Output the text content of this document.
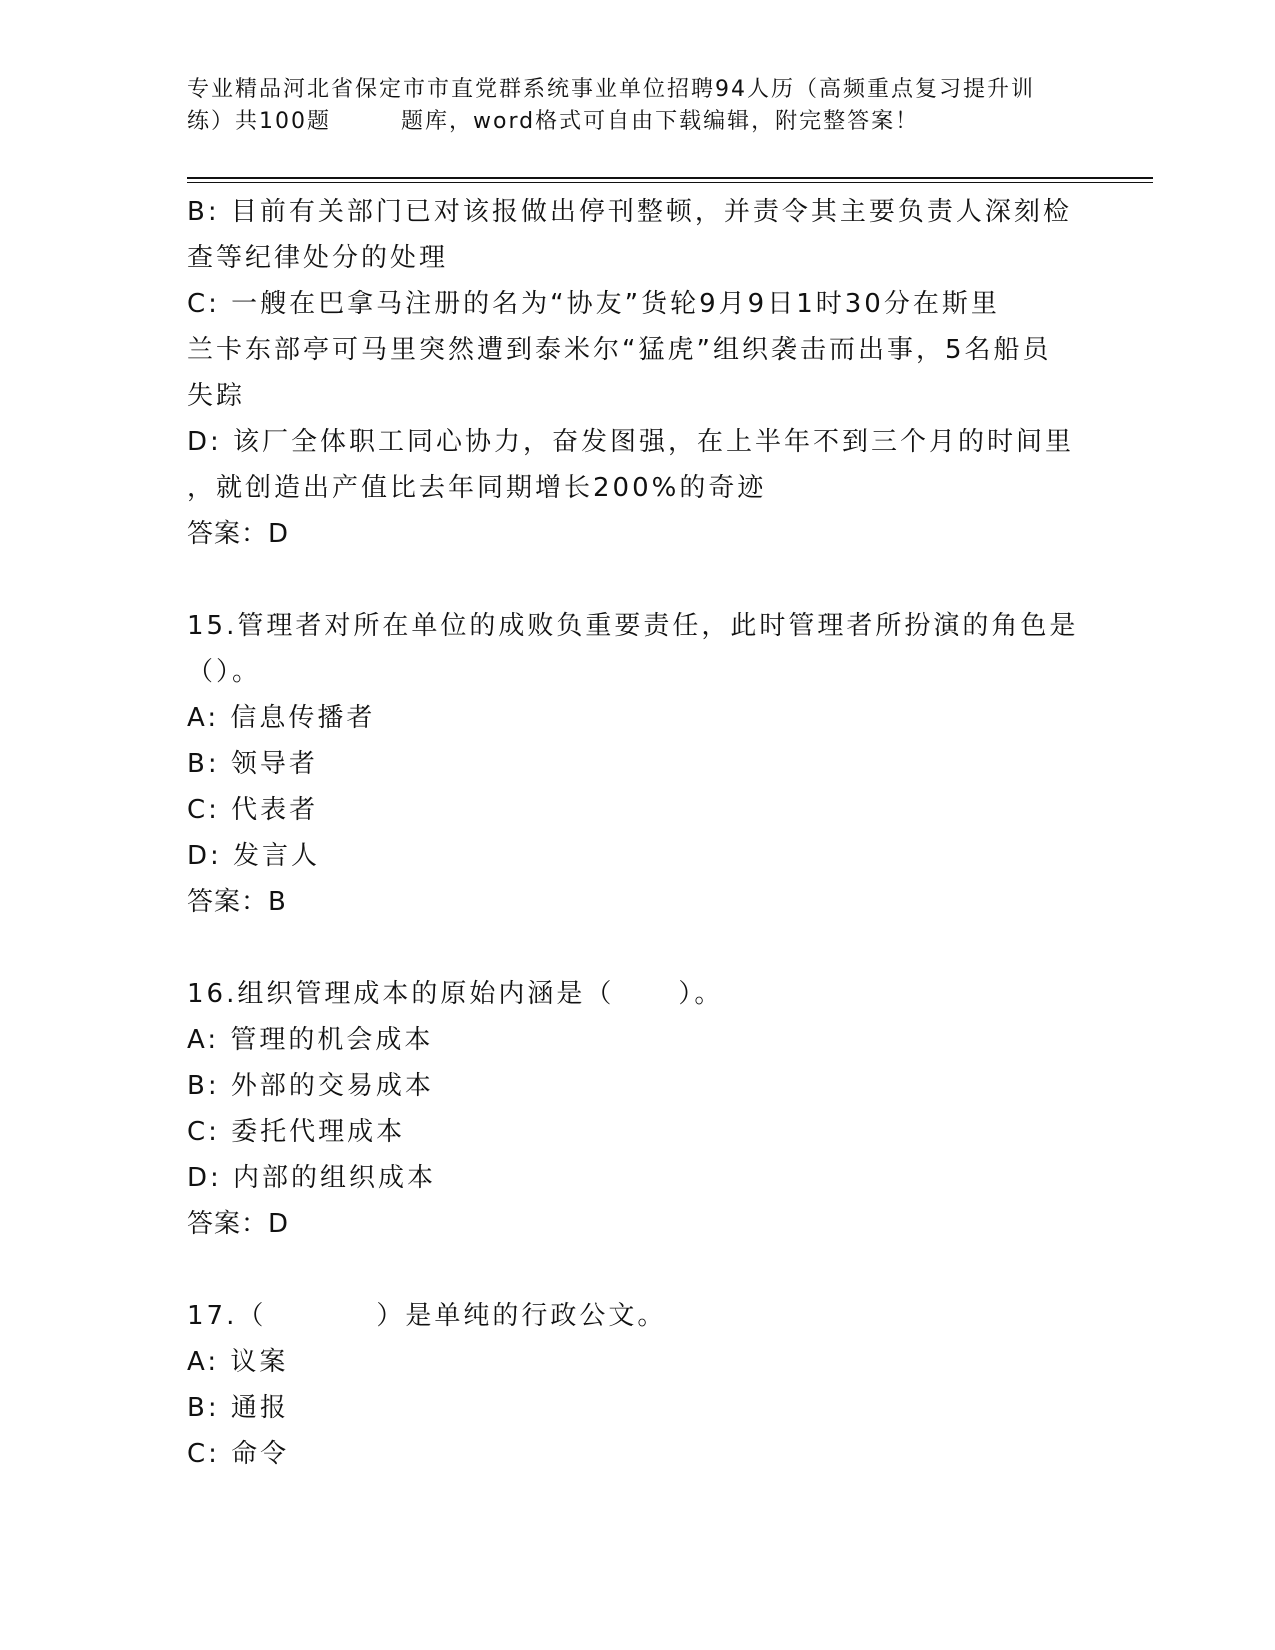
专业精品河北省保定市市直党群系统事业单位招聘94人历（高频重点复习提升训
练）共100题	题库，word格式可自由下载编辑，附完整答案！

B: 目前有关部门已对该报做出停刊整顿，并责令其主要负责人深刻检

查等纪律处分的处理

C: 一艘在巴拿马注册的名为“协友”货轮9月9日1时30分在斯里

兰卡东部亭可马里突然遭到泰米尔“猛虎”组织袭击而出事，5名船员

失踪

D: 该厂全体职工同心协力，奋发图强，在上半年不到三个月的时间里

，就创造出产值比去年同期增长200%的奇迹

答案：D

15.管理者对所在单位的成败负重要责任，此时管理者所扮演的角色是

（）。

A: 信息传播者

B: 领导者

C: 代表者

D: 发言人

答案：B

16.组织管理成本的原始内涵是（ ）。

A: 管理的机会成本

B: 外部的交易成本

C: 委托代理成本

D: 内部的组织成本

答案：D

17.（	）是单纯的行政公文。

A: 议案

B: 通报

C: 命令
